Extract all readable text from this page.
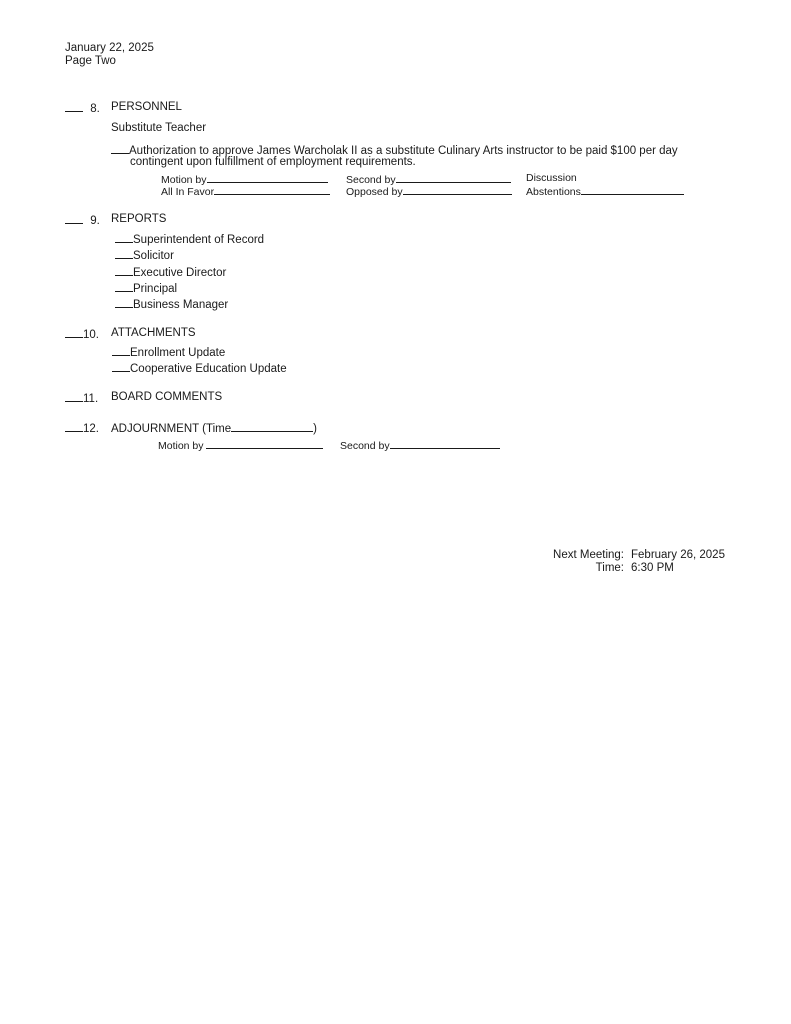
January 22, 2025
Page Two
8. PERSONNEL
Substitute Teacher
Authorization to approve James Warcholak II as a substitute Culinary Arts instructor to be paid $100 per day
contingent upon fulfillment of employment requirements.
Motion by	Second by	Discussion
All In Favor	Opposed by	Abstentions
9. REPORTS
Superintendent of Record
Solicitor
Executive Director
Principal
Business Manager
10. ATTACHMENTS
Enrollment Update
Cooperative Education Update
11. BOARD COMMENTS
12. ADJOURNMENT (Time	)
Motion by	Second by
Next Meeting: February 26, 2025
Time: 6:30 PM
